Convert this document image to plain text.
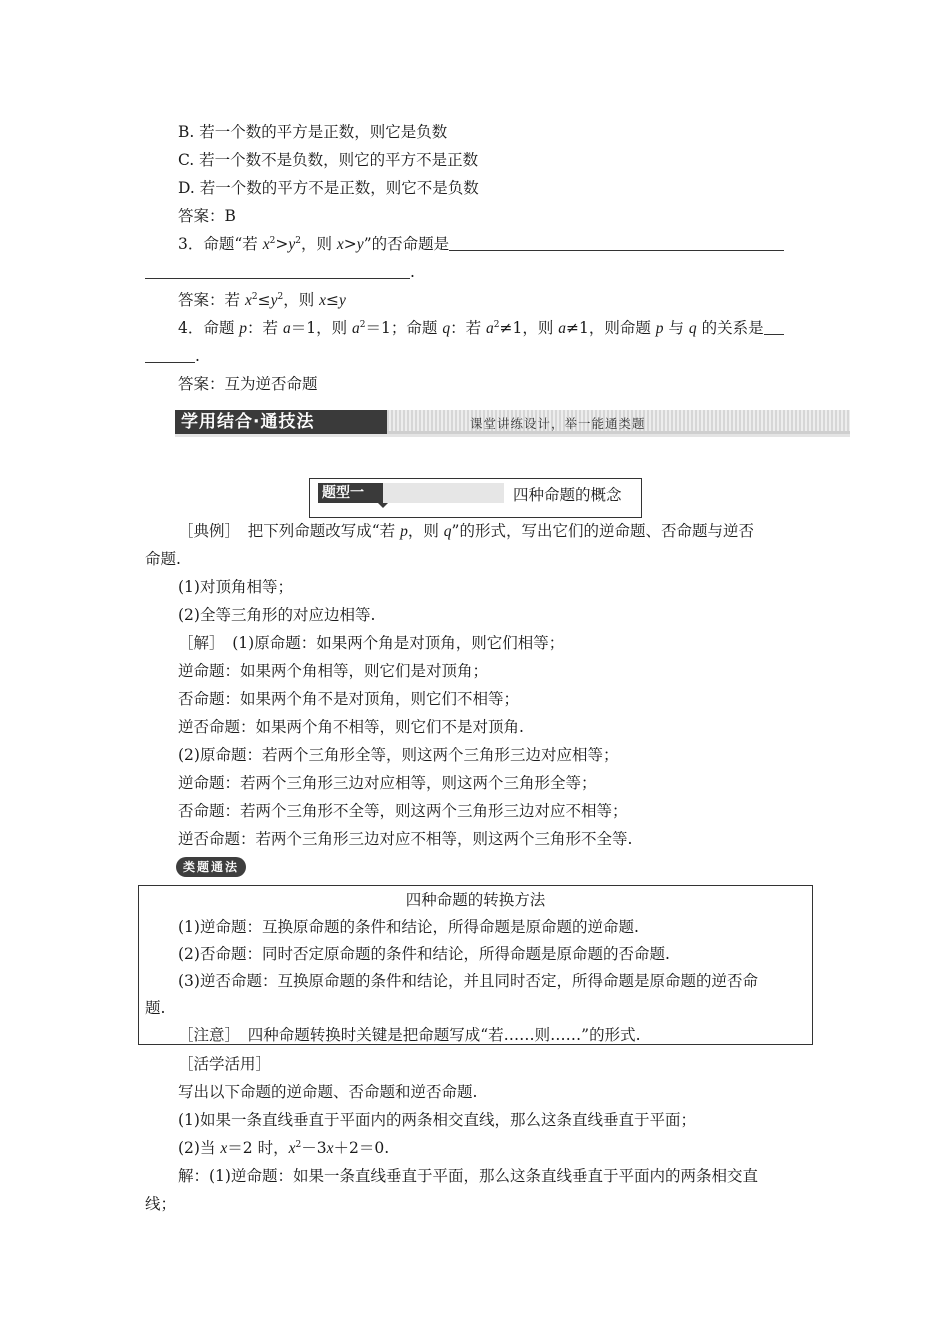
B. 若一个数的平方是正数，则它是负数
C. 若一个数不是负数，则它的平方不是正数
D. 若一个数的平方不是正数，则它不是负数
答案：B
3．命题“若 $x^2>y^2$，则 x>y”的否命题是
.
答案：若 $x^2\le y^2$，则 x≤y
4．命题 p：若 a＝1，则 $a^2=1$；命题 q：若 $a^2\ne 1$，则 a≠1，则命题 p 与 q 的关系是
.
答案：互为逆否命题
学用结合·通技法	课堂讲练设计，举一能通类题
题型一	四种命题的概念
［典例］　把下列命题改写成“若 p，则 q”的形式，写出它们的逆命题、否命题与逆否
命题.
(1)对顶角相等；
(2)全等三角形的对应边相等.
［解］　(1)原命题：如果两个角是对顶角，则它们相等；
逆命题：如果两个角相等，则它们是对顶角；
否命题：如果两个角不是对顶角，则它们不相等；
逆否命题：如果两个角不相等，则它们不是对顶角.
(2)原命题：若两个三角形全等，则这两个三角形三边对应相等；
逆命题：若两个三角形三边对应相等，则这两个三角形全等；
否命题：若两个三角形不全等，则这两个三角形三边对应不相等；
逆否命题：若两个三角形三边对应不相等，则这两个三角形不全等.
类题通法
四种命题的转换方法
(1)逆命题：互换原命题的条件和结论，所得命题是原命题的逆命题.
(2)否命题：同时否定原命题的条件和结论，所得命题是原命题的否命题.
(3)逆否命题：互换原命题的条件和结论，并且同时否定，所得命题是原命题的逆否命
题.
［注意］　四种命题转换时关键是把命题写成“若……则……”的形式.
［活学活用］
写出以下命题的逆命题、否命题和逆否命题.
(1)如果一条直线垂直于平面内的两条相交直线，那么这条直线垂直于平面；
(2)当 x＝2 时，$x^2-3x+2=0$.
解：(1)逆命题：如果一条直线垂直于平面，那么这条直线垂直于平面内的两条相交直
线；
